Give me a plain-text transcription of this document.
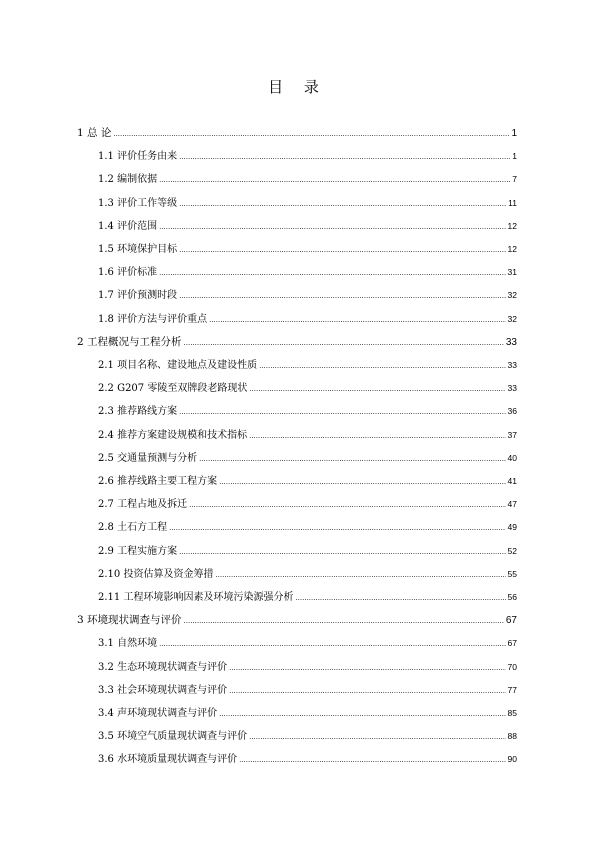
目 录
1 总 论 .....	1
1.1 评价任务由来 .....	1
1.2 编制依据 .....	7
1.3 评价工作等级 .....	11
1.4 评价范围 .....	12
1.5 环境保护目标 .....	12
1.6 评价标准 .....	31
1.7 评价预测时段 .....	32
1.8 评价方法与评价重点 .....	32
2 工程概况与工程分析 .....	33
2.1 项目名称、建设地点及建设性质 .....	33
2.2 G207 零陵至双牌段老路现状 .....	33
2.3 推荐路线方案 .....	36
2.4 推荐方案建设规模和技术指标 .....	37
2.5 交通量预测与分析 .....	40
2.6 推荐线路主要工程方案 .....	41
2.7 工程占地及拆迁 .....	47
2.8 土石方工程 .....	49
2.9 工程实施方案 .....	52
2.10 投资估算及资金筹措 .....	55
2.11 工程环境影响因素及环境污染源强分析 .....	56
3 环境现状调查与评价 .....	67
3.1 自然环境 .....	67
3.2 生态环境现状调查与评价 .....	70
3.3 社会环境现状调查与评价 .....	77
3.4 声环境现状调查与评价 .....	85
3.5 环境空气质量现状调查与评价 .....	88
3.6 水环境质量现状调查与评价 .....	90
